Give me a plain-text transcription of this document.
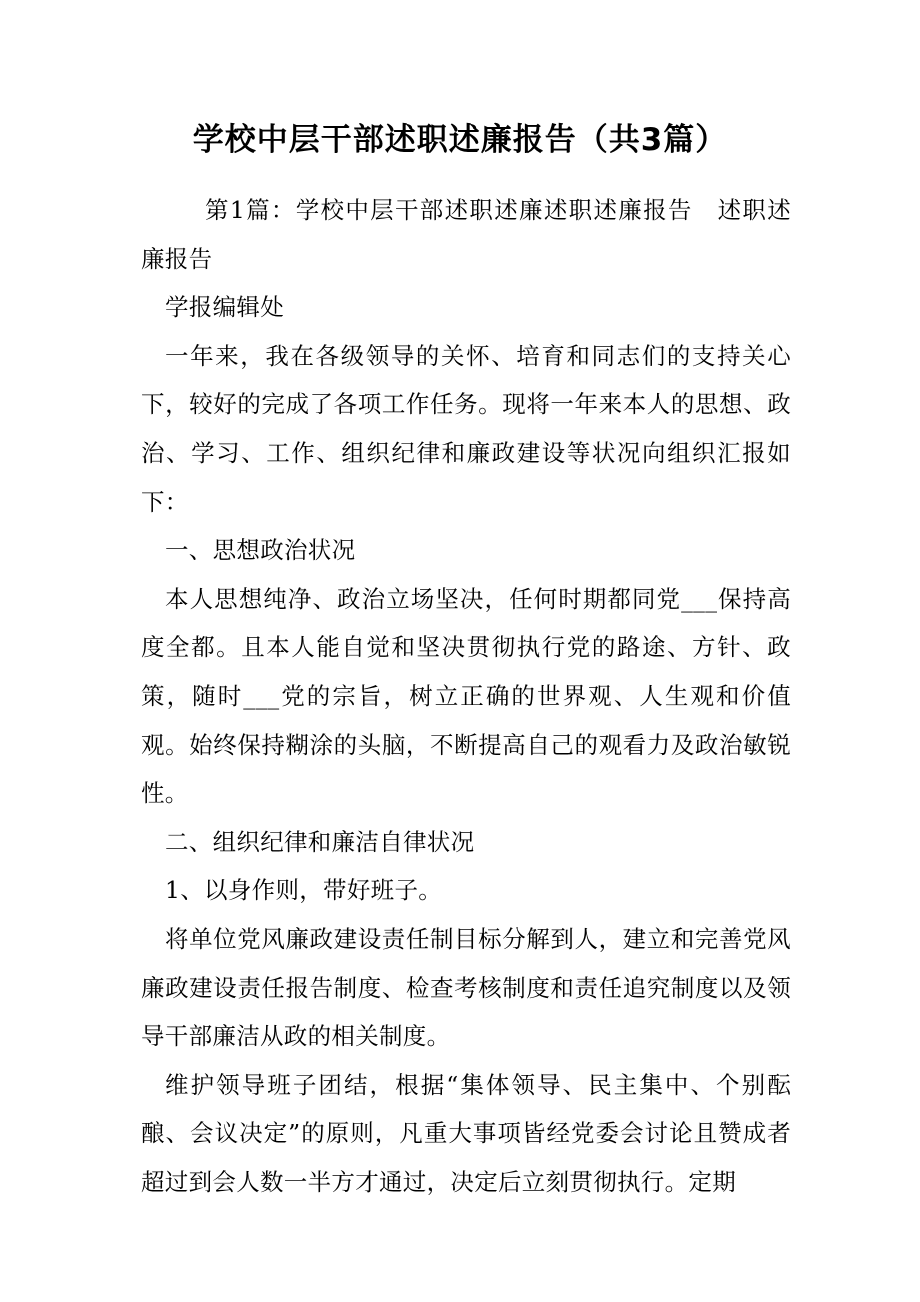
学校中层干部述职述廉报告（共3篇）

第1篇：学校中层干部述职述廉述职述廉报告　述职述廉报告

学报编辑处

一年来，我在各级领导的关怀、培育和同志们的支持关心下，较好的完成了各项工作任务。现将一年来本人的思想、政治、学习、工作、组织纪律和廉政建设等状况向组织汇报如下：

一、思想政治状况

本人思想纯净、政治立场坚决，任何时期都同党___保持高度全都。且本人能自觉和坚决贯彻执行党的路途、方针、政策，随时___党的宗旨，树立正确的世界观、人生观和价值观。始终保持糊涂的头脑，不断提高自己的观看力及政治敏锐性。

二、组织纪律和廉洁自律状况

1、以身作则，带好班子。

将单位党风廉政建设责任制目标分解到人，建立和完善党风廉政建设责任报告制度、检查考核制度和责任追究制度以及领导干部廉洁从政的相关制度。

维护领导班子团结，根据“集体领导、民主集中、个别酝酿、会议决定”的原则，凡重大事项皆经党委会讨论且赞成者超过到会人数一半方才通过，决定后立刻贯彻执行。定期
